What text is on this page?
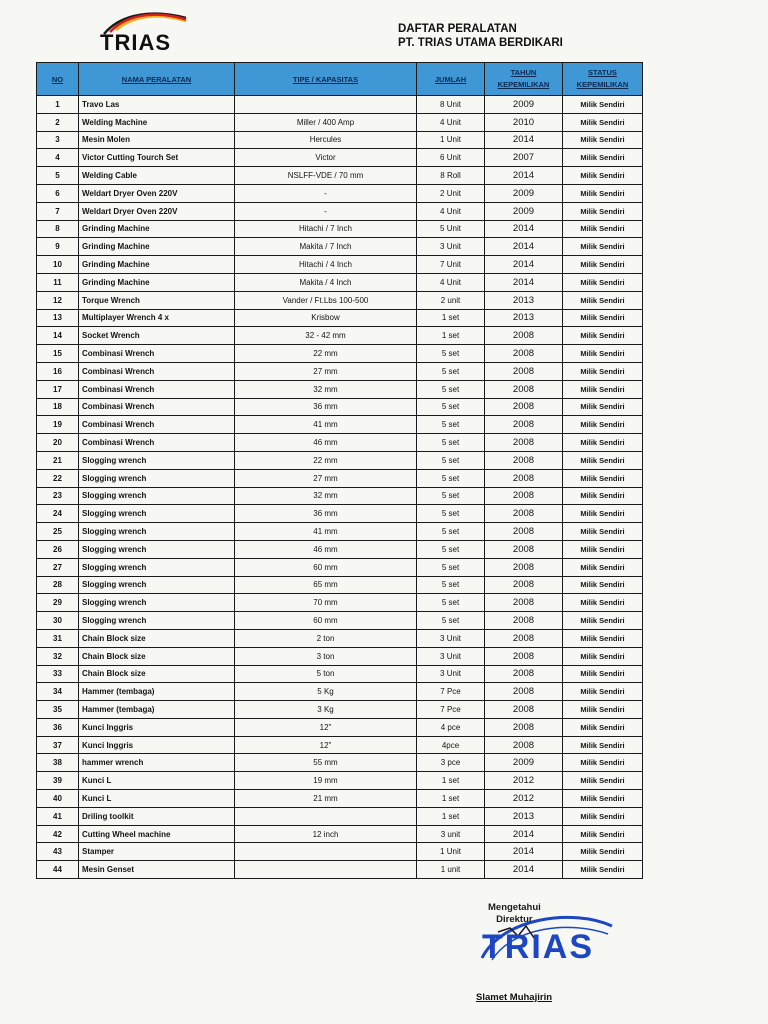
TRIAS
DAFTAR PERALATAN
PT. TRIAS UTAMA BERDIKARI
NO	NAMA PERALATAN	TIPE / KAPASITAS	JUMLAH	TAHUN KEPEMILIKAN	STATUS KEPEMILIKAN
1	Travo Las		8 Unit	2009	Milik Sendiri
2	Welding Machine	Miller / 400 Amp	4 Unit	2010	Milik Sendiri
3	Mesin Molen	Hercules	1 Unit	2014	Milik Sendiri
4	Victor Cutting Tourch Set	Victor	6 Unit	2007	Milik Sendiri
5	Welding Cable	NSLFF-VDE / 70 mm	8 Roll	2014	Milik Sendiri
6	Weldart Dryer Oven 220V	-	2 Unit	2009	Milik Sendiri
7	Weldart Dryer Oven 220V	-	4 Unit	2009	Milik Sendiri
8	Grinding Machine	Hitachi / 7 Inch	5 Unit	2014	Milik Sendiri
9	Grinding Machine	Makita / 7 Inch	3 Unit	2014	Milik Sendiri
10	Grinding Machine	Hitachi / 4 Inch	7 Unit	2014	Milik Sendiri
11	Grinding Machine	Makita / 4 Inch	4 Unit	2014	Milik Sendiri
12	Torque Wrench	Vander / Ft.Lbs 100-500	2 unit	2013	Milik Sendiri
13	Multiplayer Wrench 4 x	Krisbow	1 set	2013	Milik Sendiri
14	Socket Wrench	32 - 42 mm	1 set	2008	Milik Sendiri
15	Combinasi Wrench	22 mm	5 set	2008	Milik Sendiri
16	Combinasi Wrench	27 mm	5 set	2008	Milik Sendiri
17	Combinasi Wrench	32 mm	5 set	2008	Milik Sendiri
18	Combinasi Wrench	36 mm	5 set	2008	Milik Sendiri
19	Combinasi Wrench	41 mm	5 set	2008	Milik Sendiri
20	Combinasi Wrench	46 mm	5 set	2008	Milik Sendiri
21	Slogging wrench	22 mm	5 set	2008	Milik Sendiri
22	Slogging wrench	27 mm	5 set	2008	Milik Sendiri
23	Slogging wrench	32 mm	5 set	2008	Milik Sendiri
24	Slogging wrench	36 mm	5 set	2008	Milik Sendiri
25	Slogging wrench	41 mm	5 set	2008	Milik Sendiri
26	Slogging wrench	46 mm	5 set	2008	Milik Sendiri
27	Slogging wrench	60 mm	5 set	2008	Milik Sendiri
28	Slogging wrench	65 mm	5 set	2008	Milik Sendiri
29	Slogging wrench	70 mm	5 set	2008	Milik Sendiri
30	Slogging wrench	60 mm	5 set	2008	Milik Sendiri
31	Chain Block size	2 ton	3 Unit	2008	Milik Sendiri
32	Chain Block size	3 ton	3 Unit	2008	Milik Sendiri
33	Chain Block size	5 ton	3 Unit	2008	Milik Sendiri
34	Hammer (tembaga)	5 Kg	7 Pce	2008	Milik Sendiri
35	Hammer (tembaga)	3 Kg	7 Pce	2008	Milik Sendiri
36	Kunci Inggris	12"	4 pce	2008	Milik Sendiri
37	Kunci Inggris	12"	4pce	2008	Milik Sendiri
38	hammer wrench	55 mm	3 pce	2009	Milik Sendiri
39	Kunci L	19 mm	1 set	2012	Milik Sendiri
40	Kunci L	21 mm	1 set	2012	Milik Sendiri
41	Driling toolkit		1 set	2013	Milik Sendiri
42	Cutting Wheel machine	12 inch	3 unit	2014	Milik Sendiri
43	Stamper		1 Unit	2014	Milik Sendiri
44	Mesin Genset		1 unit	2014	Milik Sendiri
Mengetahui
Direktur
TRIAS
Slamet Muhajirin
